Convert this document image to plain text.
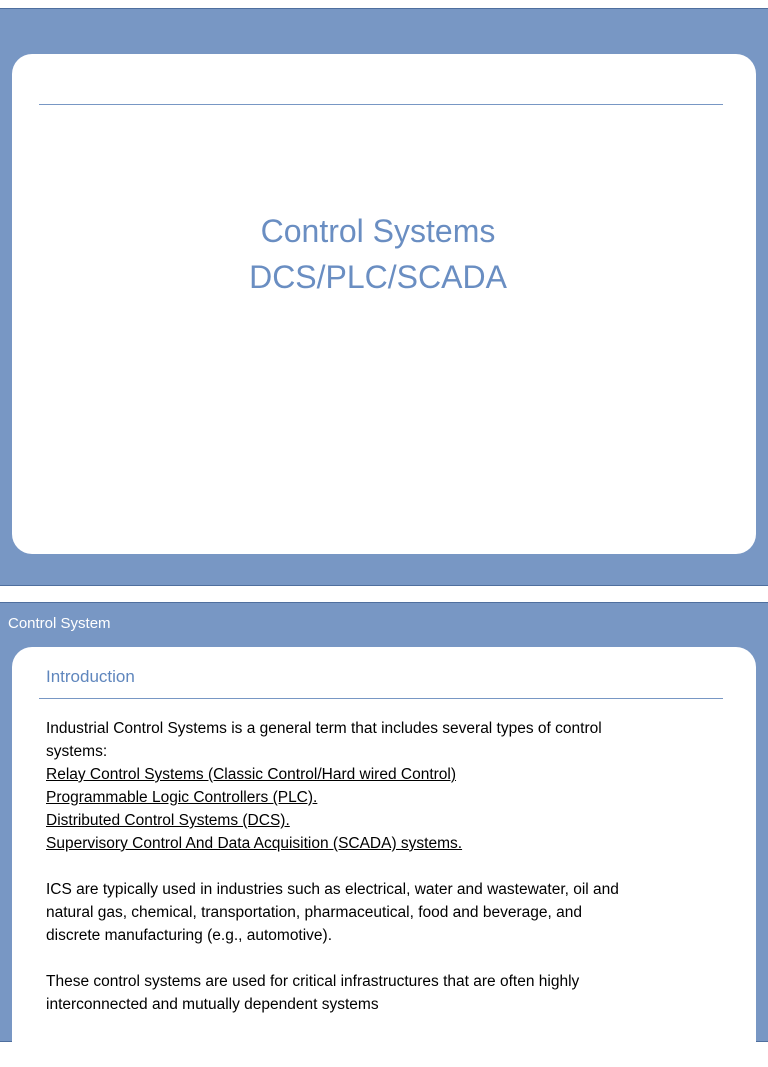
Control Systems
DCS/PLC/SCADA
Control System
Introduction

Industrial Control Systems is a general term that includes several types of control

systems:

Relay Control Systems (Classic Control/Hard wired Control)

Programmable Logic Controllers (PLC).

Distributed Control Systems (DCS).

Supervisory Control And Data Acquisition (SCADA) systems.

ICS are typically used in industries such as electrical, water and wastewater, oil and

natural gas, chemical, transportation, pharmaceutical, food and beverage, and

discrete manufacturing (e.g., automotive).

These control systems are used for critical infrastructures that are often highly

interconnected and mutually dependent systems
